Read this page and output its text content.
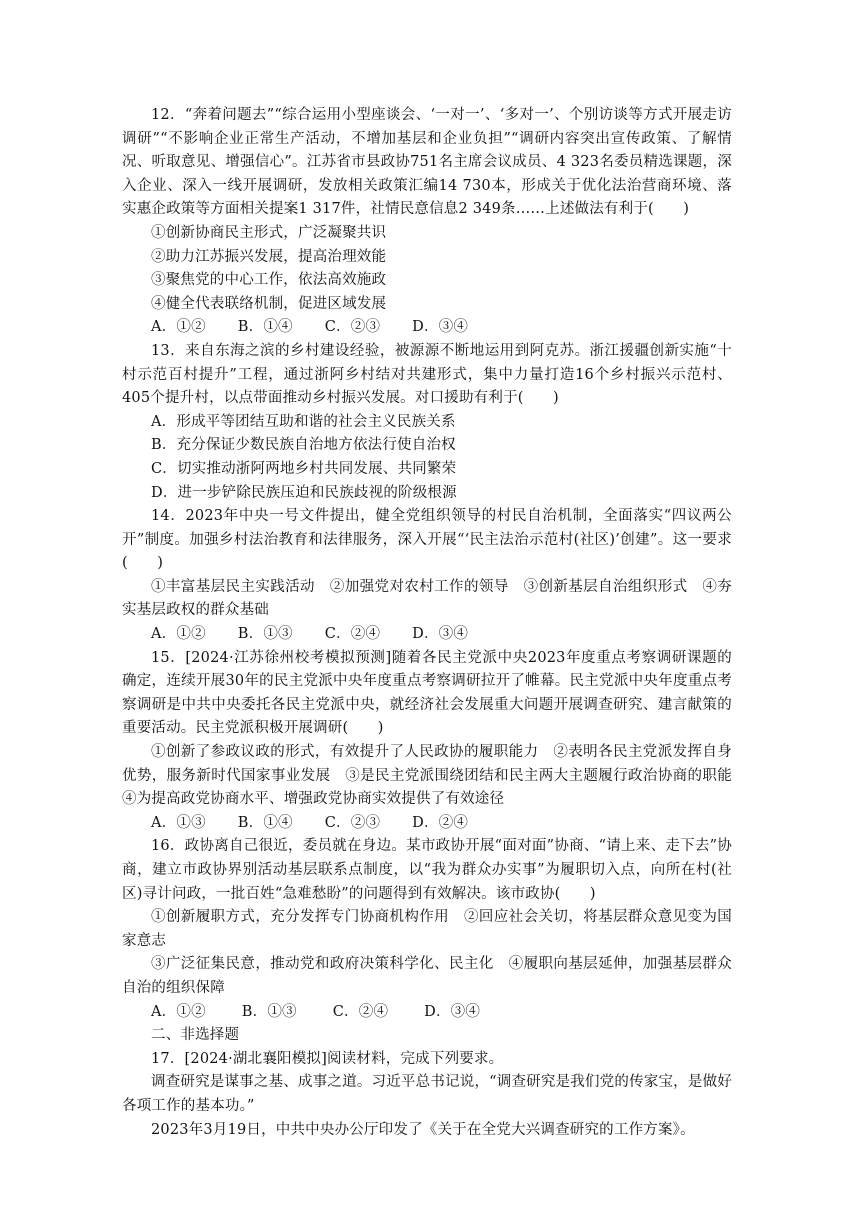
12．“奔着问题去”“综合运用小型座谈会、‘一对一’、‘多对一’、个别访谈等方式开展走访调研”“不影响企业正常生产活动，不增加基层和企业负担”“调研内容突出宣传政策、了解情况、听取意见、增强信心”。江苏省市县政协751名主席会议成员、4 323名委员精选课题，深入企业、深入一线开展调研，发放相关政策汇编14 730本，形成关于优化法治营商环境、落实惠企政策等方面相关提案1 317件，社情民意信息2 349条……上述做法有利于(　　)

①创新协商民主形式，广泛凝聚共识

②助力江苏振兴发展，提高治理效能

③聚焦党的中心工作，依法高效施政

④健全代表联络机制，促进区域发展

A．①② B．①④ C．②③ D．③④

13．来自东海之滨的乡村建设经验，被源源不断地运用到阿克苏。浙江援疆创新实施“十村示范百村提升”工程，通过浙阿乡村结对共建形式，集中力量打造16个乡村振兴示范村、405个提升村，以点带面推动乡村振兴发展。对口援助有利于(　　)

A．形成平等团结互助和谐的社会主义民族关系

B．充分保证少数民族自治地方依法行使自治权

C．切实推动浙阿两地乡村共同发展、共同繁荣

D．进一步铲除民族压迫和民族歧视的阶级根源

14．2023年中央一号文件提出，健全党组织领导的村民自治机制，全面落实“四议两公开”制度。加强乡村法治教育和法律服务，深入开展“‘民主法治示范村(社区)’创建”。这一要求(　　)

①丰富基层民主实践活动　②加强党对农村工作的领导　③创新基层自治组织形式　④夯实基层政权的群众基础

A．①② B．①③ C．②④ D．③④

15．[2024·江苏徐州校考模拟预测]随着各民主党派中央2023年度重点考察调研课题的确定，连续开展30年的民主党派中央年度重点考察调研拉开了帷幕。民主党派中央年度重点考察调研是中共中央委托各民主党派中央，就经济社会发展重大问题开展调查研究、建言献策的重要活动。民主党派积极开展调研(　　)

①创新了参政议政的形式，有效提升了人民政协的履职能力　②表明各民主党派发挥自身优势，服务新时代国家事业发展　③是民主党派围绕团结和民主两大主题履行政治协商的职能　④为提高政党协商水平、增强政党协商实效提供了有效途径

A．①③ B．①④ C．②③ D．②④

16．政协离自己很近，委员就在身边。某市政协开展“面对面”协商、“请上来、走下去”协商，建立市政协界别活动基层联系点制度，以“我为群众办实事”为履职切入点，向所在村(社区)寻计问政，一批百姓“急难愁盼”的问题得到有效解决。该市政协(　　)

①创新履职方式，充分发挥专门协商机构作用　②回应社会关切，将基层群众意见变为国家意志

③广泛征集民意，推动党和政府决策科学化、民主化　④履职向基层延伸，加强基层群众自治的组织保障

A．①② B．①③ C．②④ D．③④

二、非选择题

17．[2024·湖北襄阳模拟]阅读材料，完成下列要求。

调查研究是谋事之基、成事之道。习近平总书记说，“调查研究是我们党的传家宝，是做好各项工作的基本功。”

2023年3月19日，中共中央办公厅印发了《关于在全党大兴调查研究的工作方案》。
